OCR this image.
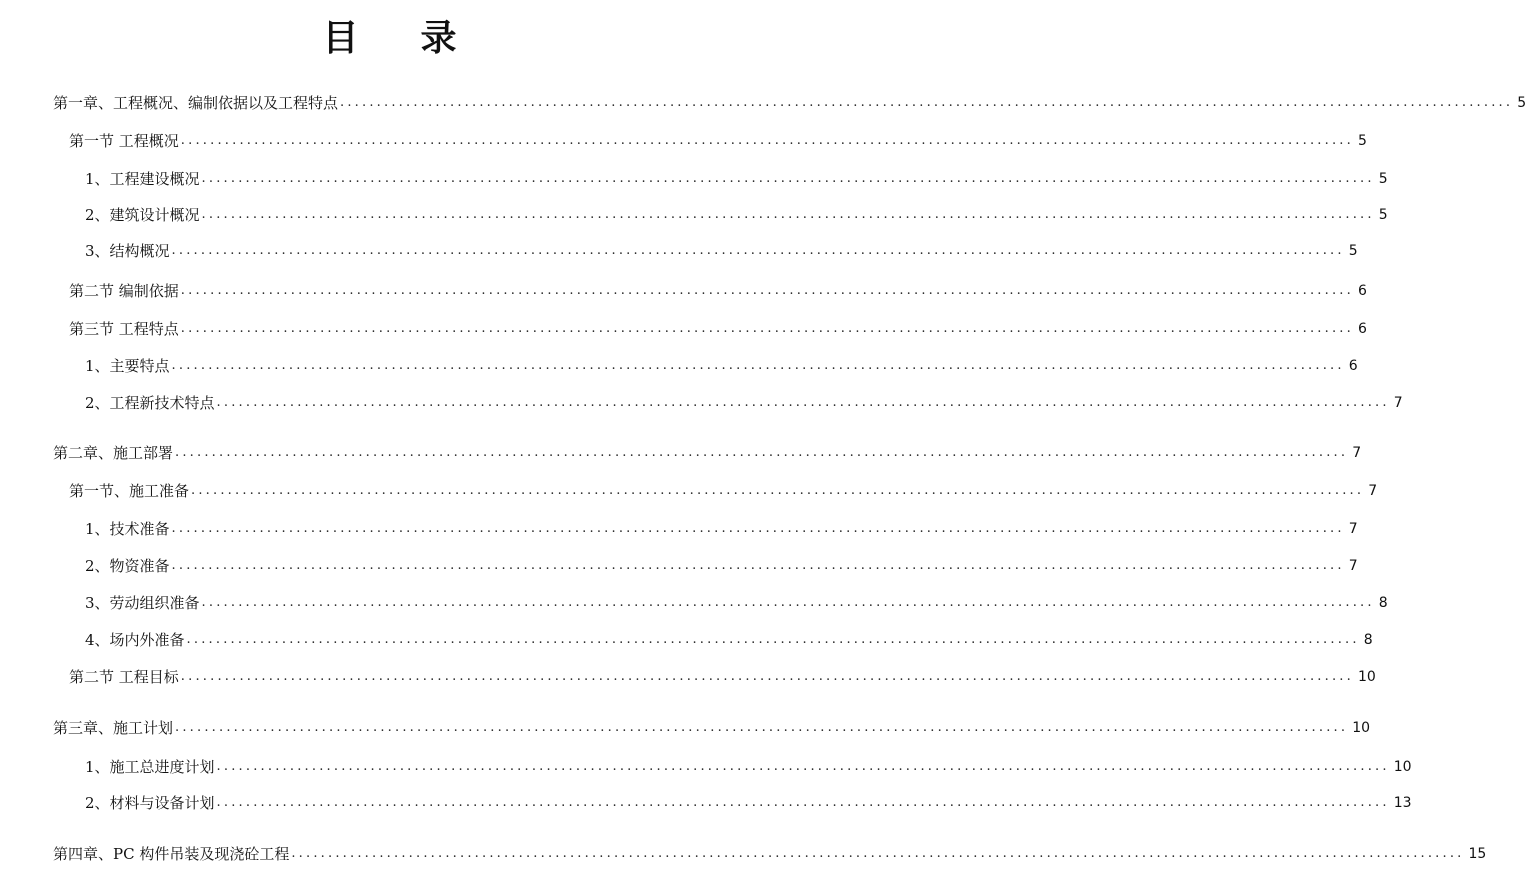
目 录
第一章、工程概况、编制依据以及工程特点 ................................................................................................................................................................ 5
第一节 工程概况 ................................................................................................................................................................ 5
1、工程建设概况 ................................................................................................................................................................ 5
2、建筑设计概况 ................................................................................................................................................................ 5
3、结构概况 ................................................................................................................................................................ 5
第二节 编制依据 ................................................................................................................................................................ 6
第三节 工程特点 ................................................................................................................................................................ 6
1、主要特点 ................................................................................................................................................................ 6
2、工程新技术特点 ................................................................................................................................................................ 7
第二章、施工部署 ................................................................................................................................................................ 7
第一节、施工准备 ................................................................................................................................................................ 7
1、技术准备 ................................................................................................................................................................ 7
2、物资准备 ................................................................................................................................................................ 7
3、劳动组织准备 ................................................................................................................................................................ 8
4、场内外准备 ................................................................................................................................................................ 8
第二节 工程目标 ................................................................................................................................................................ 10
第三章、施工计划 ................................................................................................................................................................ 10
1、施工总进度计划 ................................................................................................................................................................ 10
2、材料与设备计划 ................................................................................................................................................................ 13
第四章、PC 构件吊装及现浇砼工程 ................................................................................................................................................................ 15
